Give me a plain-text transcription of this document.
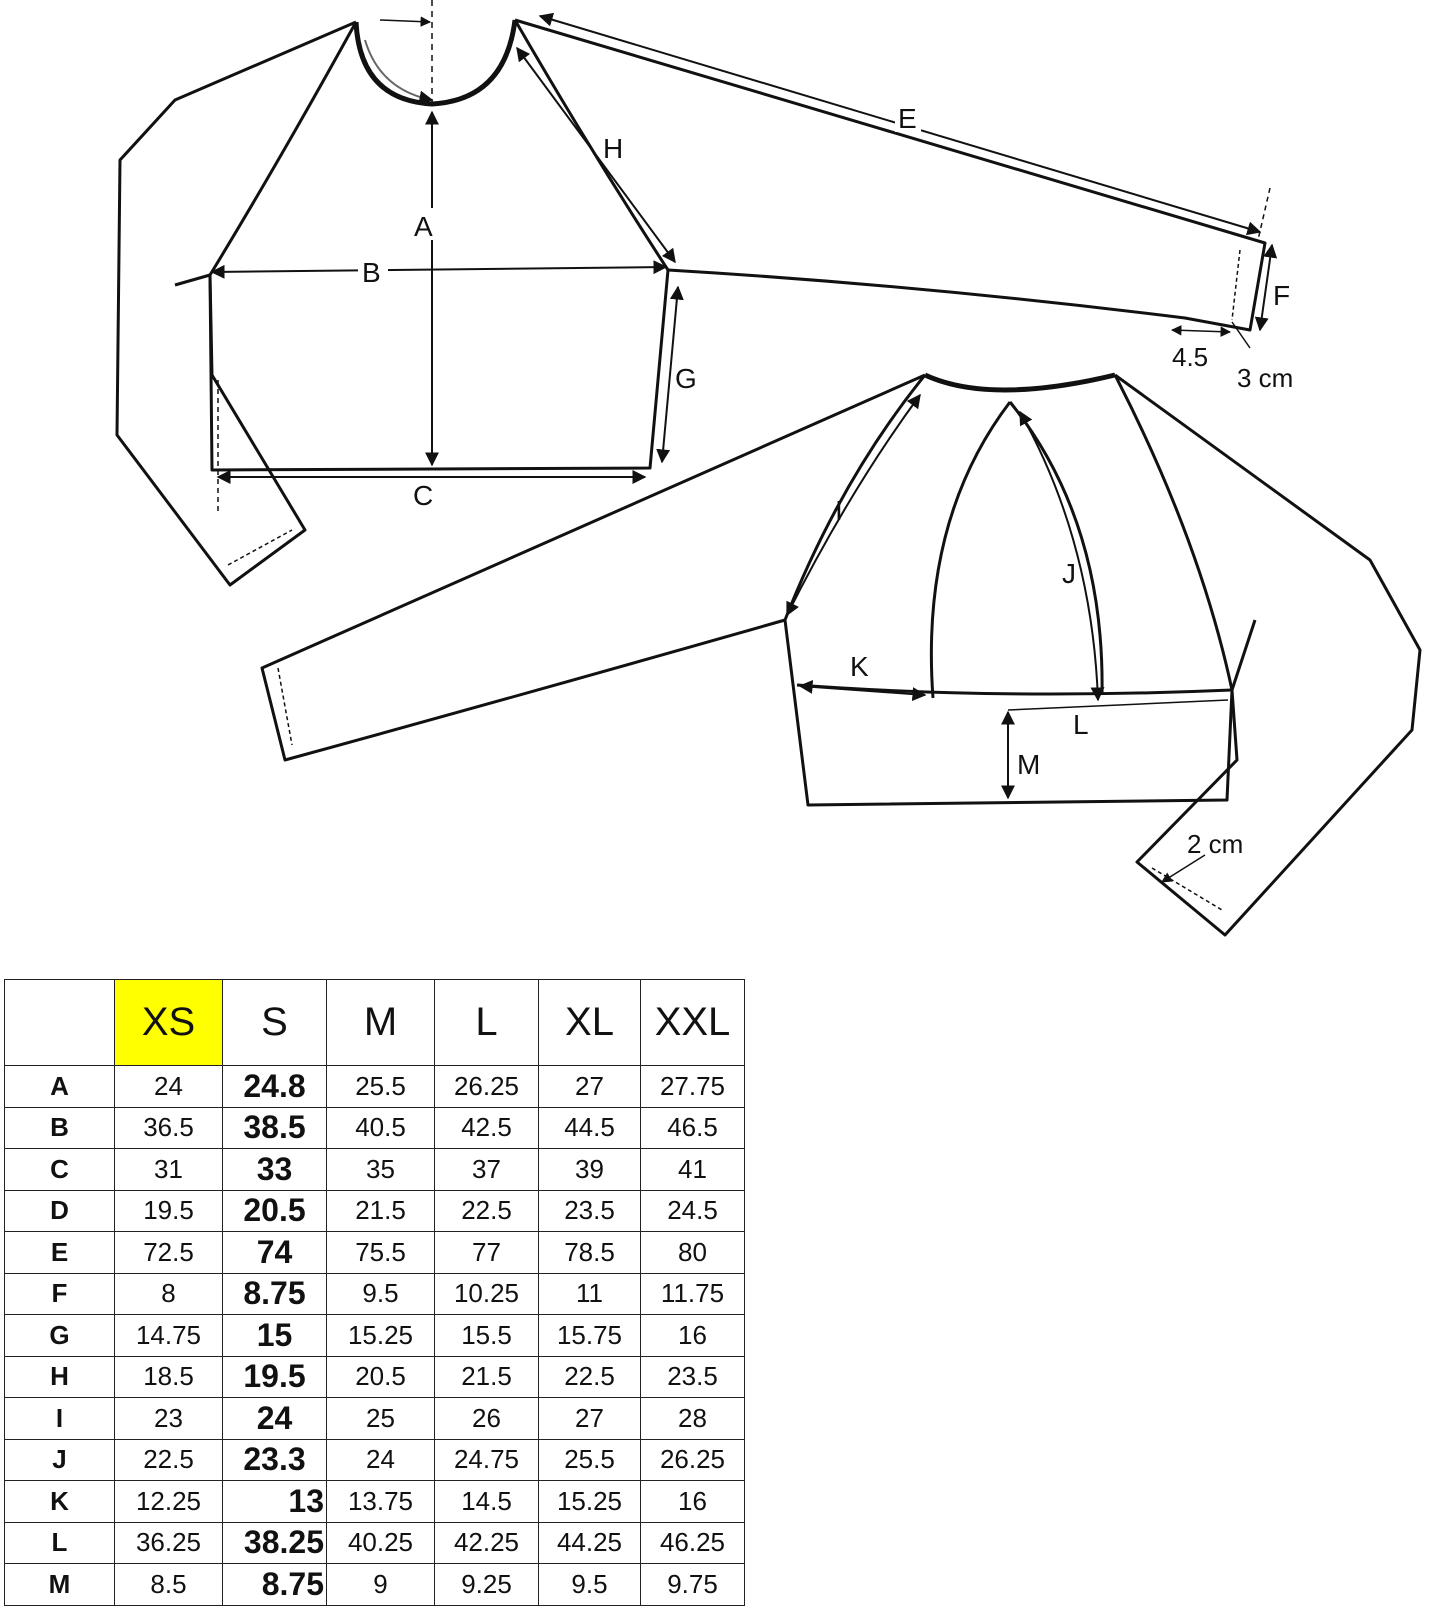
A
B
C
E
F
G
H
4.5
3 cm
I
J
K
L
M
2 cm
	XS	S	M	L	XL	XXL
A	24	24.8	25.5	26.25	27	27.75
B	36.5	38.5	40.5	42.5	44.5	46.5
C	31	33	35	37	39	41
D	19.5	20.5	21.5	22.5	23.5	24.5
E	72.5	74	75.5	77	78.5	80
F	8	8.75	9.5	10.25	11	11.75
G	14.75	15	15.25	15.5	15.75	16
H	18.5	19.5	20.5	21.5	22.5	23.5
I	23	24	25	26	27	28
J	22.5	23.3	24	24.75	25.5	26.25
K	12.25	13	13.75	14.5	15.25	16
L	36.25	38.25	40.25	42.25	44.25	46.25
M	8.5	8.75	9	9.25	9.5	9.75
